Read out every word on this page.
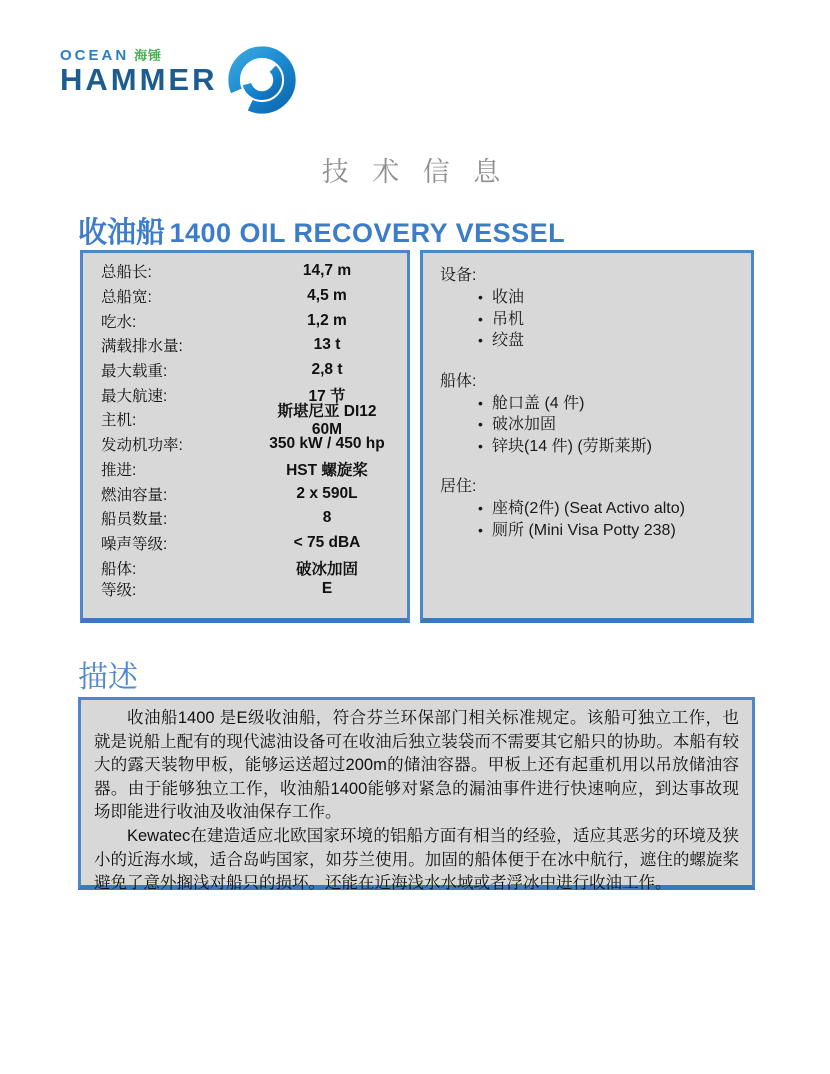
OCEAN 海锤
HAMMER
技 术 信 息
收油船 1400 OIL RECOVERY VESSEL
总船长:	14,7 m
总船宽:	4,5 m
吃水:	1,2 m
满载排水量:	13 t
最大载重:	2,8 t
最大航速:	17 节
主机:
斯堪尼亚 DI12 60M
发动机功率:	350 kW / 450 hp
推进:	HST 螺旋桨
燃油容量:	2 x 590L
船员数量:	8
噪声等级:	< 75 dBA
船体:	破冰加固
等级:	E
设备:
• 收油
• 吊机
• 绞盘
船体:
• 舱口盖 (4 件)
• 破冰加固
• 锌块(14 件) (劳斯莱斯)
居住:
• 座椅(2件) (Seat Activo alto)
• 厕所 (Mini Visa Potty 238)
描述

收油船1400 是E级收油船，符合芬兰环保部门相关标准规定。该船可独立工作，也就是说船上配有的现代滤油设备可在收油后独立装袋而不需要其它船只的协助。本船有较大的露天装物甲板，能够运送超过200m的储油容器。甲板上还有起重机用以吊放储油容器。由于能够独立工作，收油船1400能够对紧急的漏油事件进行快速响应，到达事故现场即能进行收油及收油保存工作。

Kewatec在建造适应北欧国家环境的铝船方面有相当的经验，适应其恶劣的环境及狭小的近海水域，适合岛屿国家，如芬兰使用。加固的船体便于在冰中航行，遮住的螺旋桨避免了意外搁浅对船只的损坏。还能在近海浅水水域或者浮冰中进行收油工作。
